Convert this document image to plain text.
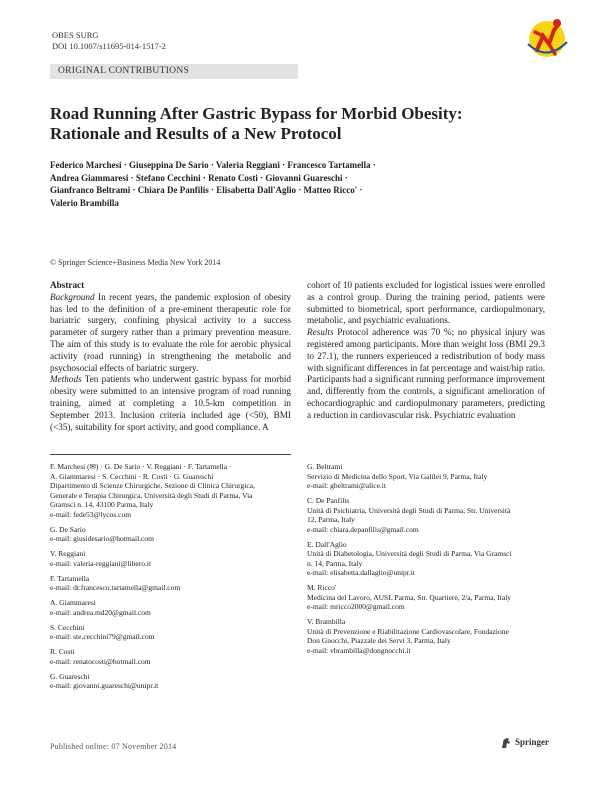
OBES SURG
DOI 10.1007/s11695-014-1517-2
ORIGINAL CONTRIBUTIONS
Road Running After Gastric Bypass for Morbid Obesity:
Rationale and Results of a New Protocol
Federico Marchesi · Giuseppina De Sario · Valeria Reggiani · Francesco Tartamella ·
Andrea Giammaresi · Stefano Cecchini · Renato Costi · Giovanni Guareschi ·
Gianfranco Beltrami · Chiara De Panfilis · Elisabetta Dall'Aglio · Matteo Ricco' ·
Valerio Brambilla
© Springer Science+Business Media New York 2014

Abstract

Background In recent years, the pandemic explosion of obesity has led to the definition of a pre-eminent therapeutic role for bariatric surgery, confining physical activity to a success parameter of surgery rather than a primary prevention measure. The aim of this study is to evaluate the role for aerobic physical activity (road running) in strengthening the metabolic and psychosocial effects of bariatric surgery.

Methods Ten patients who underwent gastric bypass for morbid obesity were submitted to an intensive program of road running training, aimed at completing a 10.5-km competition in September 2013. Inclusion criteria included age (<50), BMI (<35), suitability for sport activity, and good compliance. A

cohort of 10 patients excluded for logistical issues were enrolled as a control group. During the training period, patients were submitted to biometrical, sport performance, cardiopulmonary, metabolic, and psychiatric evaluations.

Results Protocol adherence was 70 %; no physical injury was registered among participants. More than weight loss (BMI 29.3 to 27.1), the runners experienced a redistribution of body mass with significant differences in fat percentage and waist/hip ratio. Participants had a significant running performance improvement and, differently from the controls, a significant amelioration of echocardiographic and cardiopulmonary parameters, predicting a reduction in cardiovascular risk. Psychiatric evaluation

F. Marchesi (✉) · G. De Sario · V. Reggiani · F. Tartamella ·
A. Giammaresi · S. Cecchini · R. Costi · G. Guareschi
Dipartimento di Scienze Chirurgiche, Sezione di Clinica Chirurgica,
Generale e Terapia Chirurgica, Università degli Studi di Parma, Via
Gramsci n. 14, 43100 Parma, Italy
e-mail: fede53@lycos.com
G. De Sario
e-mail: giusidesario@hotmail.com
V. Reggiani
e-mail: valeria-reggiani@libero.it
F. Tartamella
e-mail: dr.francesco.tartamella@gmail.com
A. Giammaresi
e-mail: andrea.md20@gmail.com
S. Cecchini
e-mail: ste.cecchini79@gmail.com
R. Costi
e-mail: renatocosti@hotmail.com
G. Guareschi
e-mail: giovanni.guareschi@unipr.it
G. Beltrami
Servizio di Medicina dello Sport, Via Galilei 9, Parma, Italy
e-mail: gbeltrami@alice.it
C. De Panfilis
Unità di Psichiatria, Università degli Studi di Parma, Str. Università
12, Parma, Italy
e-mail: chiara.depanfilis@gmail.com
E. Dall'Aglio
Unità di Diabetologia, Università degli Studi di Parma, Via Gramsci
n. 14, Parma, Italy
e-mail: elisabetta.dallaglio@unipr.it
M. Ricco'
Medicina del Lavoro, AUSL Parma, Str. Quartiere, 2/a, Parma, Italy
e-mail: mricco2000@gmail.com
V. Brambilla
Unità di Prevenzione e Riabilitazione Cardiovascolare, Fondazione
Don Gnocchi, Piazzale dei Servi 3, Parma, Italy
e-mail: vbrambilla@dongnocchi.it
Published online: 07 November 2014	Springer
